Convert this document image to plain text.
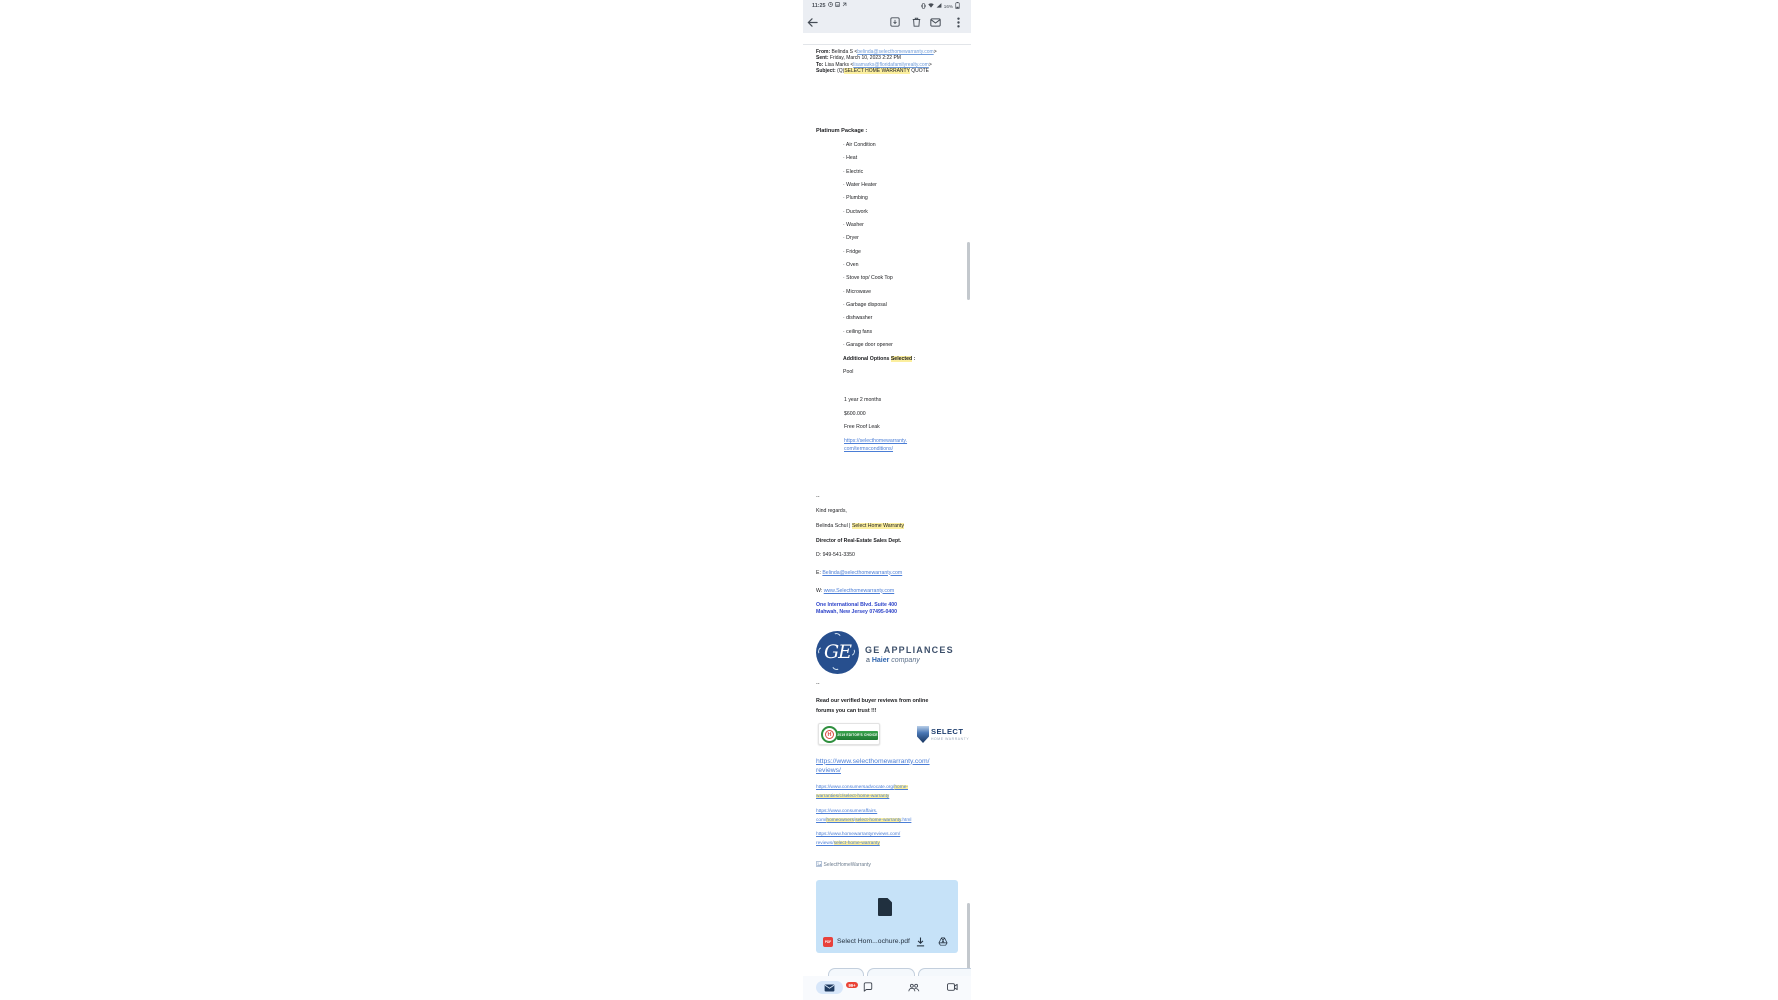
11:25	16%
From: Belinda S <belinda@selecthomewarranty.com>
Sent: Friday, March 10, 2023 2:22 PM
To: Lisa Marks <lisamarks@floridafamilyrealty.com>
Subject: (Q)SELECT HOME WARRANTY QUOTE
Platinum Package :
· Air Condition
· Heat
· Electric
· Water Heater
· Plumbing
· Ductwork
· Washer
· Dryer
· Fridge
· Oven
· Stove top/ Cook Top
· Microwave
· Garbage disposal
· dishwasher
· ceiling fans
· Garage door opener
Additional Options Selected :
Pool
1 year 2 months
$600.000
Free Roof Leak
https://selecthomewarranty.
com/termsconditions/
--
Kind regards,
Belinda Schul | Select Home Warranty
Director of Real-Estate Sales Dept.
D: 949-541-3350
E: Belinda@selecthomewarranty.com
W: www.Selecthomewarranty.com
One International Blvd. Suite 400
Mahwah, New Jersey 07495-0400
GE GE APPLIANCES
a Haier company
--
Read our verified buyer reviews from online
forums you can trust !!!
H	2019 EDITOR'S CHOICE	SELECT
HOME WARRANTY
https://www.selecthomewarranty.com/
reviews/
https://www.consumersadvocate.org/home-
warranties/c/select-home-warranty
https://www.consumeraffairs.
com/homeownersselect-home-warranty.html
https://www.homewarrantyreviews.com/
reviews/select-home-warranty
SelectHomeWarranty
PDF Select Hom...ochure.pdf
99+
